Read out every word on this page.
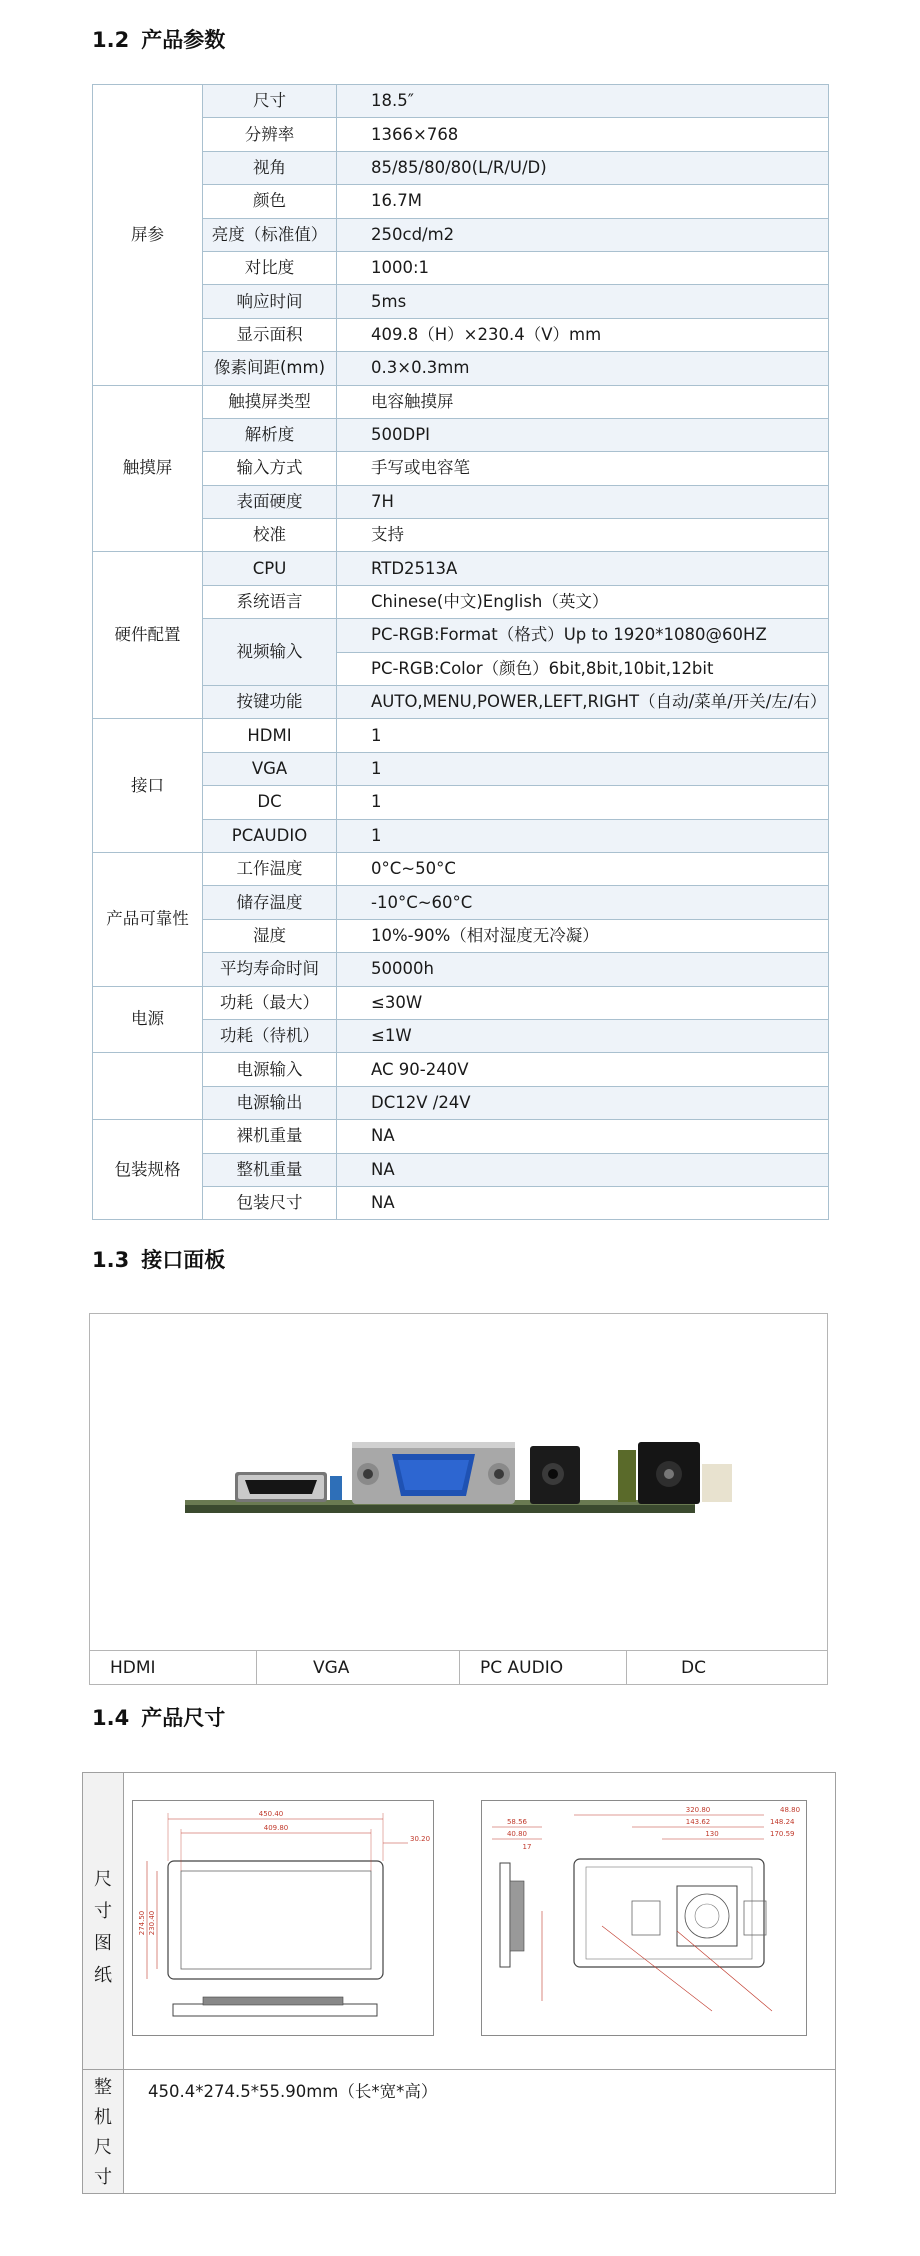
1.2 产品参数
屏参	尺寸	18.5″
	分辨率	1366×768
	视角	85/85/80/80(L/R/U/D)
	颜色	16.7M
	亮度（标准值）	250cd/m2
	对比度	1000:1
	响应时间	5ms
	显示面积	409.8（H）×230.4（V）mm
	像素间距(mm)	0.3×0.3mm
触摸屏	触摸屏类型	电容触摸屏
	解析度	500DPI
	输入方式	手写或电容笔
	表面硬度	7H
	校准	支持
硬件配置	CPU	RTD2513A
	系统语言	Chinese(中文)English（英文）
	视频输入	PC-RGB:Format（格式）Up to 1920*1080@60HZ
		PC-RGB:Color（颜色）6bit,8bit,10bit,12bit
	按键功能	AUTO,MENU,POWER,LEFT,RIGHT（自动/菜单/开关/左/右）
接口	HDMI	1
	VGA	1
	DC	1
	PCAUDIO	1
产品可靠性	工作温度	0°C~50°C
	储存温度	-10°C~60°C
	湿度	10%-90%（相对湿度无冷凝）
	平均寿命时间	50000h
电源	功耗（最大）	≤30W
	功耗（待机）	≤1W
	电源输入	AC 90-240V
	电源输出	DC12V /24V
包装规格	裸机重量	NA
	整机重量	NA
	包装尺寸	NA
1.3 接口面板
HDMI	VGA	PC AUDIO	DC
1.4 产品尺寸
尺
寸
图
纸
整
机
尺
寸
450.40
409.80
30.20
274.50 230.40
320.80	48.80
143.62	148.24
170.59
130
58.56
40.80
17
450.4*274.5*55.90mm（长*宽*高）
